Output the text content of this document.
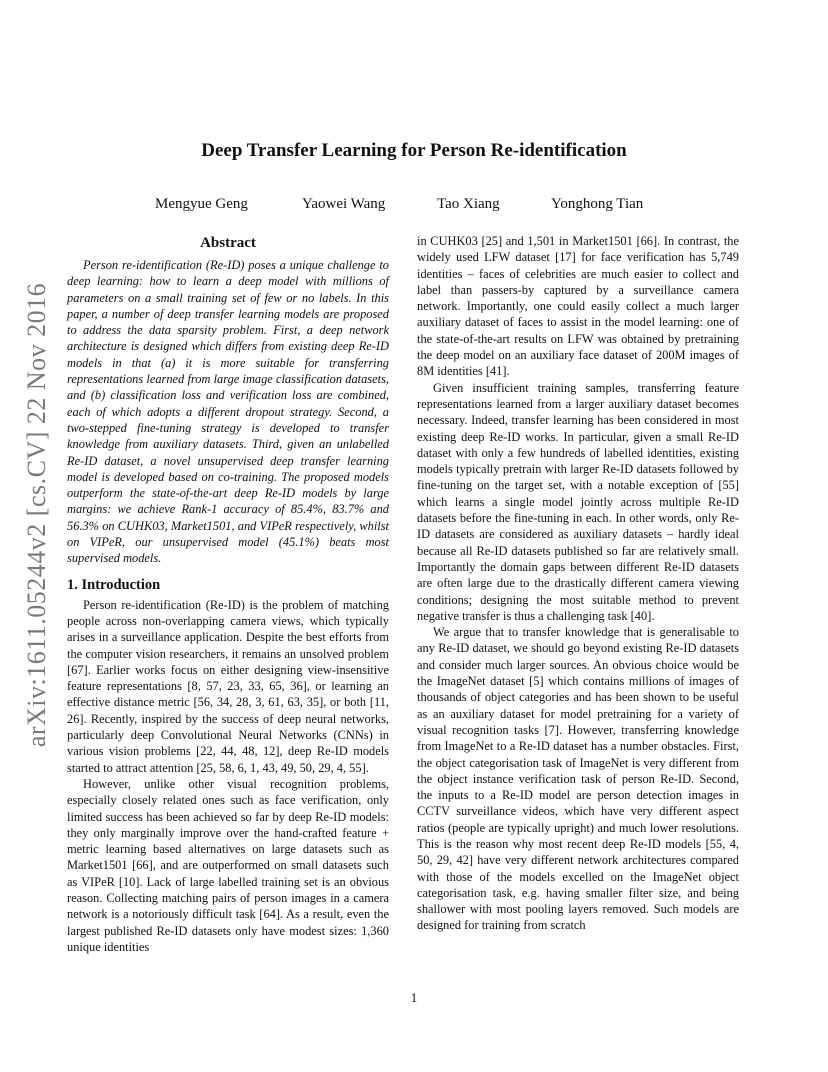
arXiv:1611.05244v2 [cs.CV] 22 Nov 2016
Deep Transfer Learning for Person Re-identification
Mengyue Geng	Yaowei Wang	Tao Xiang	Yonghong Tian
Abstract

Person re-identification (Re-ID) poses a unique challenge to deep learning: how to learn a deep model with millions of parameters on a small training set of few or no labels. In this paper, a number of deep transfer learning models are proposed to address the data sparsity problem. First, a deep network architecture is designed which differs from existing deep Re-ID models in that (a) it is more suitable for transferring representations learned from large image classification datasets, and (b) classification loss and verification loss are combined, each of which adopts a different dropout strategy. Second, a two-stepped fine-tuning strategy is developed to transfer knowledge from auxiliary datasets. Third, given an unlabelled Re-ID dataset, a novel unsupervised deep transfer learning model is developed based on co-training. The proposed models outperform the state-of-the-art deep Re-ID models by large margins: we achieve Rank-1 accuracy of 85.4%, 83.7% and 56.3% on CUHK03, Market1501, and VIPeR respectively, whilst on VIPeR, our unsupervised model (45.1%) beats most supervised models.

1. Introduction

Person re-identification (Re-ID) is the problem of matching people across non-overlapping camera views, which typically arises in a surveillance application. Despite the best efforts from the computer vision researchers, it remains an unsolved problem [67]. Earlier works focus on either designing view-insensitive feature representations [8, 57, 23, 33, 65, 36], or learning an effective distance metric [56, 34, 28, 3, 61, 63, 35], or both [11, 26]. Recently, inspired by the success of deep neural networks, particularly deep Convolutional Neural Networks (CNNs) in various vision problems [22, 44, 48, 12], deep Re-ID models started to attract attention [25, 58, 6, 1, 43, 49, 50, 29, 4, 55].

However, unlike other visual recognition problems, especially closely related ones such as face verification, only limited success has been achieved so far by deep Re-ID models: they only marginally improve over the hand-crafted feature + metric learning based alternatives on large datasets such as Market1501 [66], and are outperformed on small datasets such as VIPeR [10]. Lack of large labelled training set is an obvious reason. Collecting matching pairs of person images in a camera network is a notoriously difficult task [64]. As a result, even the largest published Re-ID datasets only have modest sizes: 1,360 unique identities

in CUHK03 [25] and 1,501 in Market1501 [66]. In contrast, the widely used LFW dataset [17] for face verification has 5,749 identities – faces of celebrities are much easier to collect and label than passers-by captured by a surveillance camera network. Importantly, one could easily collect a much larger auxiliary dataset of faces to assist in the model learning: one of the state-of-the-art results on LFW was obtained by pretraining the deep model on an auxiliary face dataset of 200M images of 8M identities [41].

Given insufficient training samples, transferring feature representations learned from a larger auxiliary dataset becomes necessary. Indeed, transfer learning has been considered in most existing deep Re-ID works. In particular, given a small Re-ID dataset with only a few hundreds of labelled identities, existing models typically pretrain with larger Re-ID datasets followed by fine-tuning on the target set, with a notable exception of [55] which learns a single model jointly across multiple Re-ID datasets before the fine-tuning in each. In other words, only Re-ID datasets are considered as auxiliary datasets – hardly ideal because all Re-ID datasets published so far are relatively small. Importantly the domain gaps between different Re-ID datasets are often large due to the drastically different camera viewing conditions; designing the most suitable method to prevent negative transfer is thus a challenging task [40].

We argue that to transfer knowledge that is generalisable to any Re-ID dataset, we should go beyond existing Re-ID datasets and consider much larger sources. An obvious choice would be the ImageNet dataset [5] which contains millions of images of thousands of object categories and has been shown to be useful as an auxiliary dataset for model pretraining for a variety of visual recognition tasks [7]. However, transferring knowledge from ImageNet to a Re-ID dataset has a number obstacles. First, the object categorisation task of ImageNet is very different from the object instance verification task of person Re-ID. Second, the inputs to a Re-ID model are person detection images in CCTV surveillance videos, which have very different aspect ratios (people are typically upright) and much lower resolutions. This is the reason why most recent deep Re-ID models [55, 4, 50, 29, 42] have very different network architectures compared with those of the models excelled on the ImageNet object categorisation task, e.g. having smaller filter size, and being shallower with most pooling layers removed. Such models are designed for training from scratch

1
